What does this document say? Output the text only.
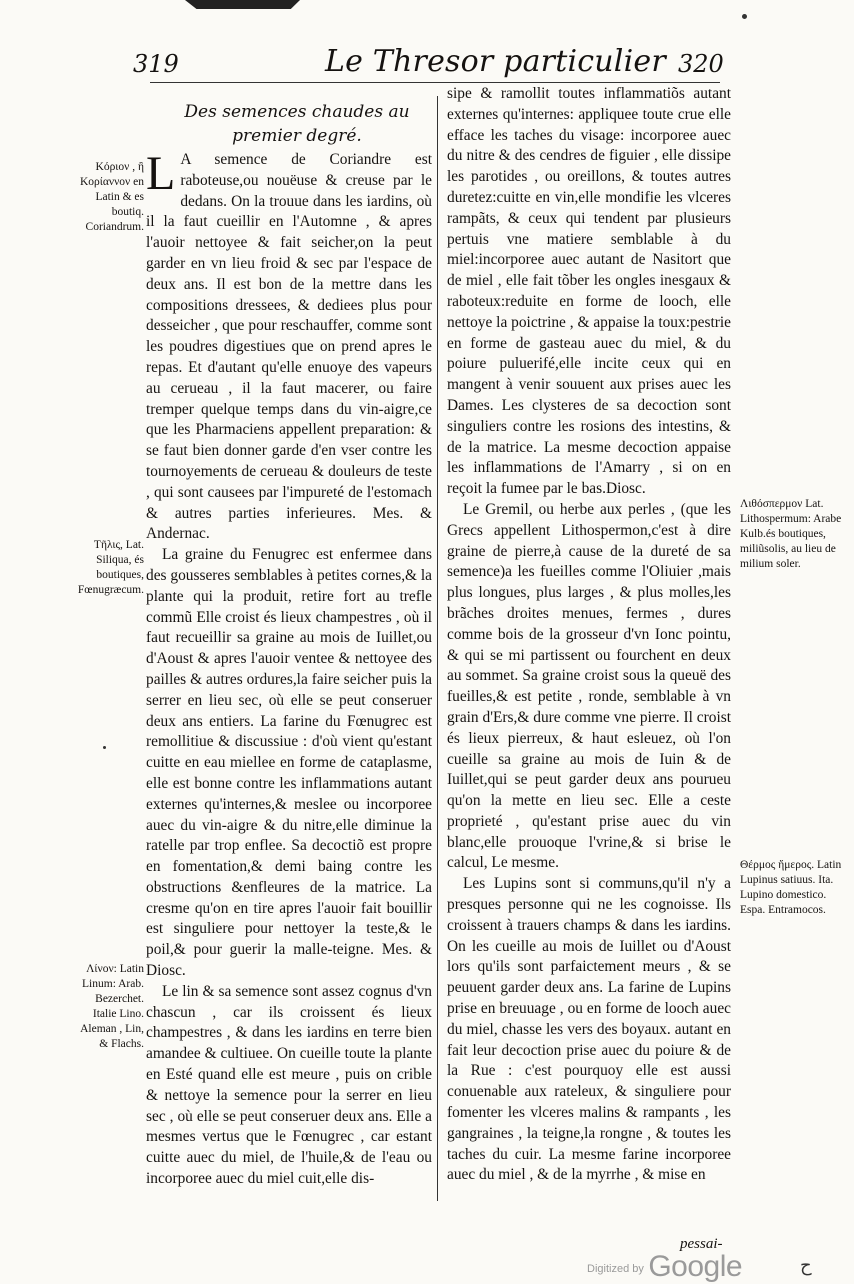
319	Le Thresor particulier 320
Des semences chaudes au premier degré.

L A semence de Coriandre est raboteuse,ou nouëuse & creuse par le dedans. On la trouue dans les iardins, où il la faut cueillir en l'Automne , & apres l'auoir nettoyee & fait seicher,on la peut garder en vn lieu froid & sec par l'espace de deux ans. Il est bon de la mettre dans les compositions dressees, & dediees plus pour desseicher , que pour reschauffer, comme sont les poudres digestiues que on prend apres le repas. Et d'autant qu'elle enuoye des vapeurs au cerueau , il la faut macerer, ou faire tremper quelque temps dans du vin-aigre,ce que les Pharmaciens appellent preparation: & se faut bien donner garde d'en vser contre les tournoyements de cerueau & douleurs de teste , qui sont causees par l'impureté de l'estomach & autres parties inferieures. Mes. & Andernac.

La graine du Fenugrec est enfermee dans des gousseres semblables à petites cornes,& la plante qui la produit, retire fort au trefle commũ Elle croist és lieux champestres , où il faut recueillir sa graine au mois de Iuillet,ou d'Aoust & apres l'auoir ventee & nettoyee des pailles & autres ordures,la faire seicher puis la serrer en lieu sec, où elle se peut conseruer deux ans entiers. La farine du Fœnugrec est remollitiue & discussiue : d'où vient qu'estant cuitte en eau miellee en forme de cataplasme, elle est bonne contre les inflammations autant externes qu'internes,& meslee ou incorporee auec du vin-aigre & du nitre,elle diminue la ratelle par trop enflee. Sa decoctiõ est propre en fomentation,& demi baing contre les obstructions &enfleures de la matrice. La cresme qu'on en tire apres l'auoir fait bouillir est singuliere pour nettoyer la teste,& le poil,& pour guerir la malle-teigne. Mes. & Diosc.

Le lin & sa semence sont assez cognus d'vn chascun , car ils croissent és lieux champestres , & dans les iardins en terre bien amandee & cultiuee. On cueille toute la plante en Esté quand elle est meure , puis on crible & nettoye la semence pour la serrer en lieu sec , où elle se peut conseruer deux ans. Elle a mesmes vertus que le Fœnugrec , car estant cuitte auec du miel, de l'huile,& de l'eau ou incorporee auec du miel cuit,elle dis-

sipe & ramollit toutes inflammatiõs autant externes qu'internes: appliquee toute crue elle efface les taches du visage: incorporee auec du nitre & des cendres de figuier , elle dissipe les parotides , ou oreillons, & toutes autres duretez:cuitte en vin,elle mondifie les vlceres rampãts, & ceux qui tendent par plusieurs pertuis vne matiere semblable à du miel:incorporee auec autant de Nasitort que de miel , elle fait tõber les ongles inesgaux & raboteux:reduite en forme de looch, elle nettoye la poictrine , & appaise la toux:pestrie en forme de gasteau auec du miel, & du poiure puluerifé,elle incite ceux qui en mangent à venir souuent aux prises auec les Dames. Les clysteres de sa decoction sont singuliers contre les rosions des intestins, & de la matrice. La mesme decoction appaise les inflammations de l'Amarry , si on en reçoit la fumee par le bas.Diosc.

Le Gremil, ou herbe aux perles , (que les Grecs appellent Lithospermon,c'est à dire graine de pierre,à cause de la dureté de sa semence)a les fueilles comme l'Oliuier ,mais plus longues, plus larges , & plus molles,les brãches droites menues, fermes , dures comme bois de la grosseur d'vn Ionc pointu, & qui se mi partissent ou fourchent en deux au sommet. Sa graine croist sous la queuë des fueilles,& est petite , ronde, semblable à vn grain d'Ers,& dure comme vne pierre. Il croist és lieux pierreux, & haut esleuez, où l'on cueille sa graine au mois de Iuin & de Iuillet,qui se peut garder deux ans pourueu qu'on la mette en lieu sec. Elle a ceste proprieté , qu'estant prise auec du vin blanc,elle prouoque l'vrine,& si brise le calcul, Le mesme.

Les Lupins sont si communs,qu'il n'y a presques personne qui ne les cognoisse. Ils croissent à trauers champs & dans les iardins. On les cueille au mois de Iuillet ou d'Aoust lors qu'ils sont parfaictement meurs , & se peuuent garder deux ans. La farine de Lupins prise en breuuage , ou en forme de looch auec du miel, chasse les vers des boyaux. autant en fait leur decoction prise auec du poiure & de la Rue : c'est pourquoy elle est aussi conuenable aux rateleux, & singuliere pour fomenter les vlceres malins & rampants , les gangraines , la teigne,la rongne , & toutes les taches du cuir. La mesme farine incorporee auec du miel , & de la myrrhe , & mise en

Κόριον , ἢ Κορίαννον en Latin & es boutiq. Coriandrum.
Τῆλις, Lat. Siliqua, és boutiques, Fœnugræcum.
Λίνον: Latin Linum: Arab. Bezerchet. Italie Lino. Aleman , Lin, & Flachs.
Λιθόσπερμον Lat. Lithospermum: Arabe Kulb.és boutiques, miliũsolis, au lieu de milium soler.
Θέρμος ἥμερος. Latin Lupinus satiuus. Ita. Lupino domestico. Espa. Entramocos.
pessai-
$^{Digitized by}$ Google	ح
